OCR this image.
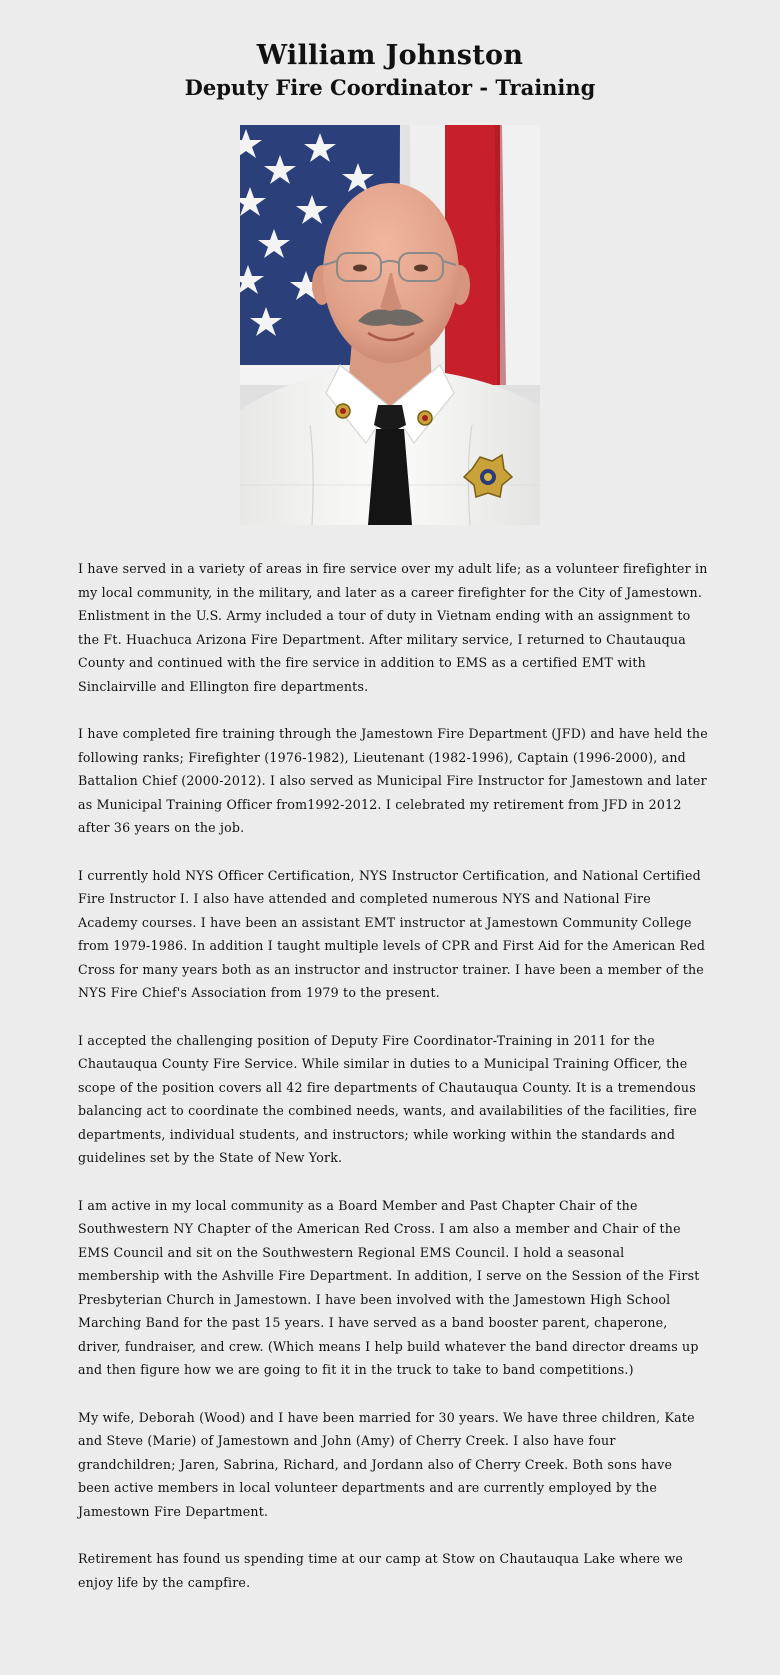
William Johnston
Deputy Fire Coordinator - Training

I have served in a variety of areas in fire service over my adult life; as a volunteer firefighter in my local community, in the military, and later as a career firefighter for the City of Jamestown. Enlistment in the U.S. Army included a tour of duty in Vietnam ending with an assignment to the Ft. Huachuca Arizona Fire Department. After military service, I returned to Chautauqua County and continued with the fire service in addition to EMS as a certified EMT with Sinclairville and Ellington fire departments.

I have completed fire training through the Jamestown Fire Department (JFD) and have held the following ranks; Firefighter (1976-1982), Lieutenant (1982-1996), Captain (1996-2000), and Battalion Chief (2000-2012). I also served as Municipal Fire Instructor for Jamestown and later as Municipal Training Officer from1992-2012. I celebrated my retirement from JFD in 2012 after 36 years on the job.

I currently hold NYS Officer Certification, NYS Instructor Certification, and National Certified Fire Instructor I. I also have attended and completed numerous NYS and National Fire Academy courses. I have been an assistant EMT instructor at Jamestown Community College from 1979-1986. In addition I taught multiple levels of CPR and First Aid for the American Red Cross for many years both as an instructor and instructor trainer. I have been a member of the NYS Fire Chief's Association from 1979 to the present.

I accepted the challenging position of Deputy Fire Coordinator-Training in 2011 for the Chautauqua County Fire Service. While similar in duties to a Municipal Training Officer, the scope of the position covers all 42 fire departments of Chautauqua County. It is a tremendous balancing act to coordinate the combined needs, wants, and availabilities of the facilities, fire departments, individual students, and instructors; while working within the standards and guidelines set by the State of New York.

I am active in my local community as a Board Member and Past Chapter Chair of the Southwestern NY Chapter of the American Red Cross. I am also a member and Chair of the EMS Council and sit on the Southwestern Regional EMS Council. I hold a seasonal membership with the Ashville Fire Department. In addition, I serve on the Session of the First Presbyterian Church in Jamestown. I have been involved with the Jamestown High School Marching Band for the past 15 years. I have served as a band booster parent, chaperone, driver, fundraiser, and crew. (Which means I help build whatever the band director dreams up and then figure how we are going to fit it in the truck to take to band competitions.)

My wife, Deborah (Wood) and I have been married for 30 years. We have three children, Kate and Steve (Marie) of Jamestown and John (Amy) of Cherry Creek. I also have four grandchildren; Jaren, Sabrina, Richard, and Jordann also of Cherry Creek. Both sons have been active members in local volunteer departments and are currently employed by the Jamestown Fire Department.

Retirement has found us spending time at our camp at Stow on Chautauqua Lake where we enjoy life by the campfire.
